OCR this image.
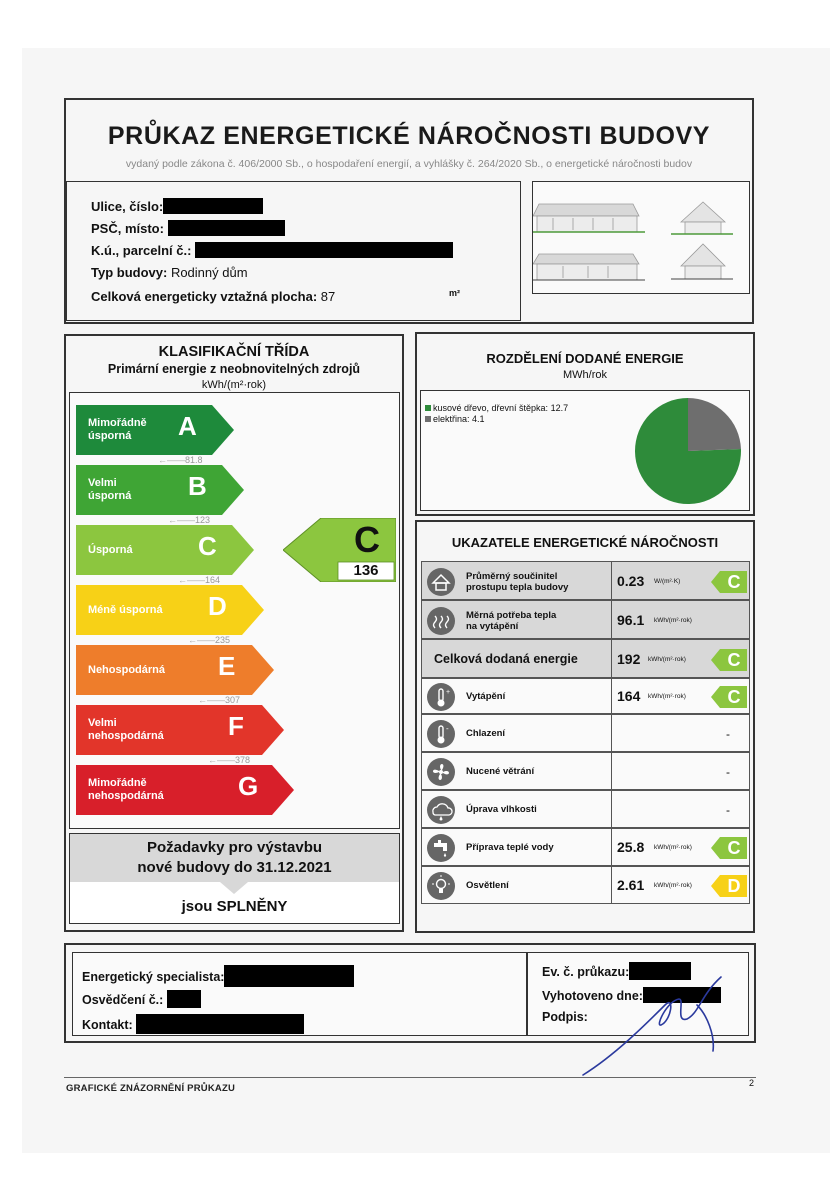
PRŮKAZ ENERGETICKÉ NÁROČNOSTI BUDOVY
vydaný podle zákona č. 406/2000 Sb., o hospodaření energií, a vyhlášky č. 264/2020 Sb., o energetické náročnosti budov
Ulice, číslo:
PSČ, místo:
K.ú., parcelní č.:
Typ budovy: Rodinný dům
Celková energeticky vztažná plocha: 87	m²
KLASIFIKAČNÍ TŘÍDA
Primární energie z neobnovitelných zdrojů
kWh/(m²·rok)
Mimořádně
úsporná	A
←—— 81.8
Velmi
úsporná B
←—— 123
Úsporná	C
←—— 164
Méně úsporná D
←—— 235
Nehospodárná E
←—— 307
Velmi
nehospodárná F
←—— 378
Mimořádně
nehospodárná	G
C
136
Požadavky pro výstavbu
nové budovy do 31.12.2021
jsou SPLNĚNY
ROZDĚLENÍ DODANÉ ENERGIE
MWh/rok
kusové dřevo, dřevní štěpka: 12.7
elektřina: 4.1
UKAZATELE ENERGETICKÉ NÁROČNOSTI
Průměrný součinitel
prostupu tepla budovy	0.23 W/(m²·K)	C
Měrná potřeba tepla
na vytápění	96.1 kWh/(m²·rok)
Celková dodaná energie	192 kWh/(m²·rok)	C
+ Vytápění	164 kWh/(m²·rok)	C
- Chlazení	-
Nucené větrání	-
Úprava vlhkosti	-
Příprava teplé vody	25.8 kWh/(m²·rok)	C
Osvětlení	2.61 kWh/(m²·rok)	D
Energetický specialista:
Osvědčení č.:
Kontakt:
Ev. č. průkazu:
Vyhotoveno dne:
Podpis:
GRAFICKÉ ZNÁZORNĚNÍ PRŮKAZU	2
